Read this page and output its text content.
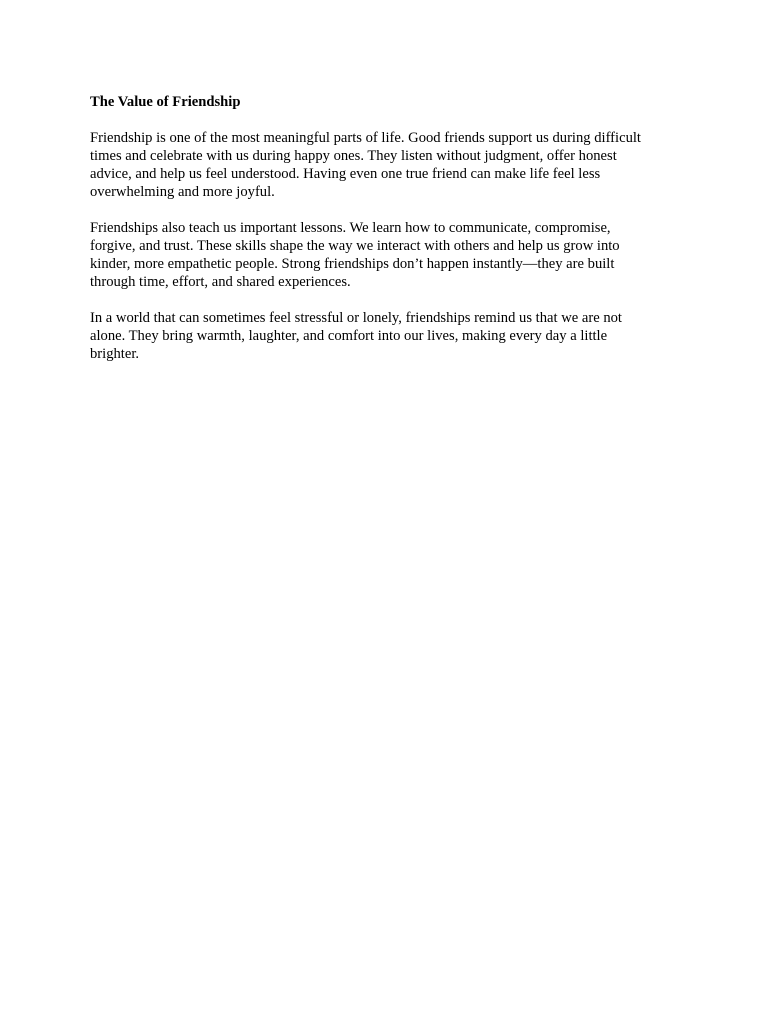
The Value of Friendship

Friendship is one of the most meaningful parts of life. Good friends support us during difficult
times and celebrate with us during happy ones. They listen without judgment, offer honest
advice, and help us feel understood. Having even one true friend can make life feel less
overwhelming and more joyful.

Friendships also teach us important lessons. We learn how to communicate, compromise,
forgive, and trust. These skills shape the way we interact with others and help us grow into
kinder, more empathetic people. Strong friendships don’t happen instantly—they are built
through time, effort, and shared experiences.

In a world that can sometimes feel stressful or lonely, friendships remind us that we are not
alone. They bring warmth, laughter, and comfort into our lives, making every day a little
brighter.
